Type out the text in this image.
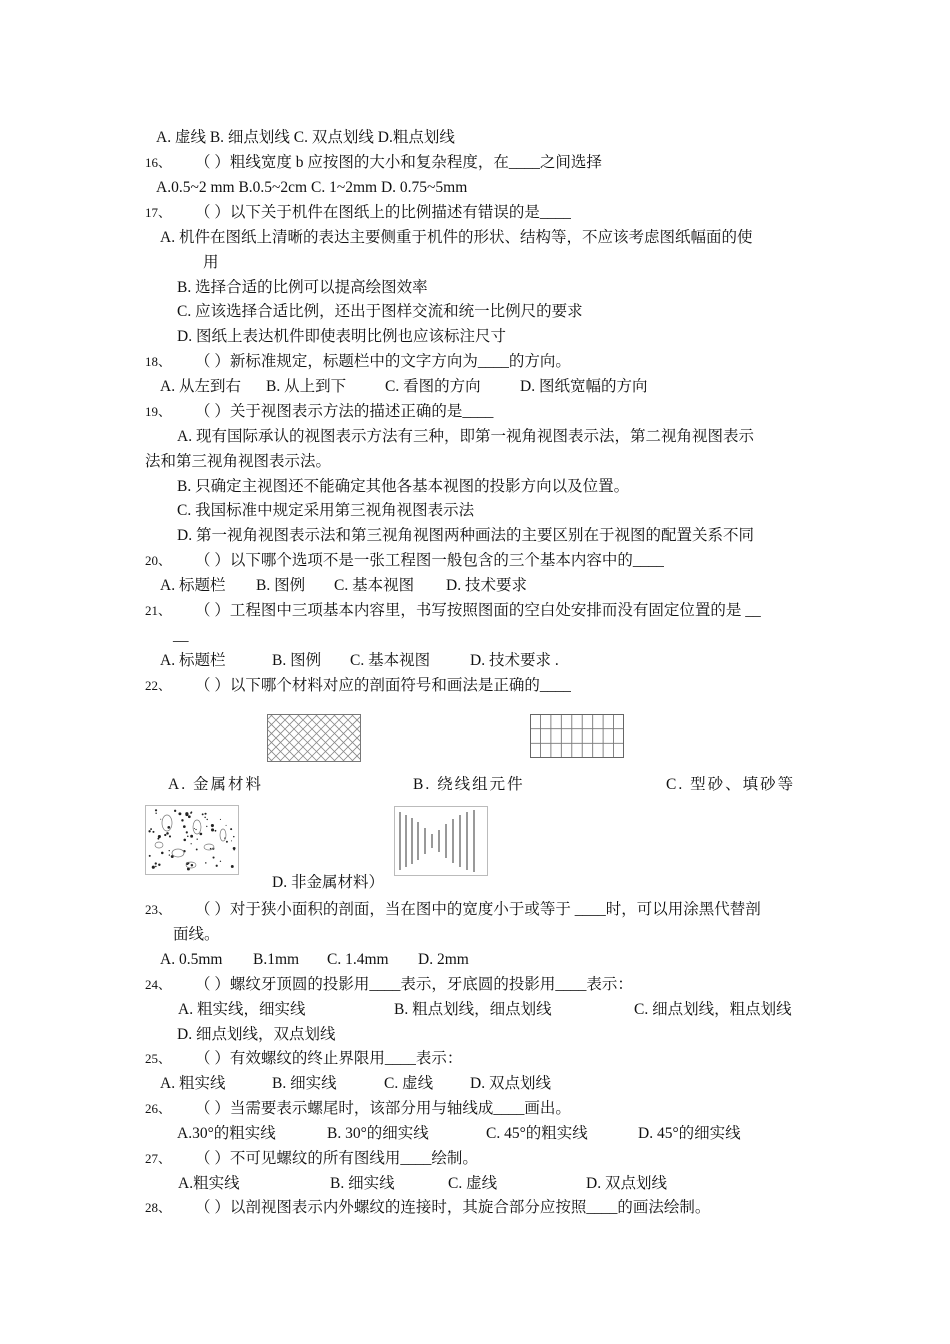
A. 虚线 B. 细点划线 C. 双点划线 D.粗点划线
16、 （ ）粗线宽度 b 应按图的大小和复杂程度，在____之间选择
A.0.5~2 mm B.0.5~2cm C. 1~2mm D. 0.75~5mm
17、 （ ）以下关于机件在图纸上的比例描述有错误的是____
A. 机件在图纸上清晰的表达主要侧重于机件的形状、结构等，不应该考虑图纸幅面的使
用
B. 选择合适的比例可以提高绘图效率
C. 应该选择合适比例，还出于图样交流和统一比例尺的要求
D. 图纸上表达机件即使表明比例也应该标注尺寸
18、 （ ）新标准规定，标题栏中的文字方向为____的方向。
A. 从左到右 B. 从上到下	C. 看图的方向	D. 图纸宽幅的方向
19、 （ ）关于视图表示方法的描述正确的是____
A. 现有国际承认的视图表示方法有三种，即第一视角视图表示法，第二视角视图表示
法和第三视角视图表示法。
B. 只确定主视图还不能确定其他各基本视图的投影方向以及位置。
C. 我国标准中规定采用第三视角视图表示法
D. 第一视角视图表示法和第三视角视图两种画法的主要区别在于视图的配置关系不同
20、 （ ）以下哪个选项不是一张工程图一般包含的三个基本内容中的____
A. 标题栏 B. 图例 C. 基本视图 D. 技术要求
21、 （ ）工程图中三项基本内容里，书写按照图面的空白处安排而没有固定位置的是 __
__
A. 标题栏	B. 图例 C. 基本视图	D. 技术要求 .
22、 （ ）以下哪个材料对应的剖面符号和画法是正确的____
A. 金属材料	B. 绕线组元件	C. 型砂、填砂等
D. 非金属材料）
23、 （ ）对于狭小面积的剖面，当在图中的宽度小于或等于 ____时，可以用涂黑代替剖
面线。
A. 0.5mm B.1mm C. 1.4mm D. 2mm
24、 （ ）螺纹牙顶圆的投影用____表示，牙底圆的投影用____表示：
A. 粗实线，细实线	B. 粗点划线，细点划线	C. 细点划线，粗点划线
D. 细点划线，双点划线
25、 （ ）有效螺纹的终止界限用____表示：
A. 粗实线	B. 细实线	C. 虚线 D. 双点划线
26、 （ ）当需要表示螺尾时，该部分用与轴线成____画出。
A.30°的粗实线	B. 30°的细实线	C. 45°的粗实线	D. 45°的细实线
27、 （ ）不可见螺纹的所有图线用____绘制。
A.粗实线	B. 细实线	C. 虚线	D. 双点划线
28、 （ ）以剖视图表示内外螺纹的连接时，其旋合部分应按照____的画法绘制。
